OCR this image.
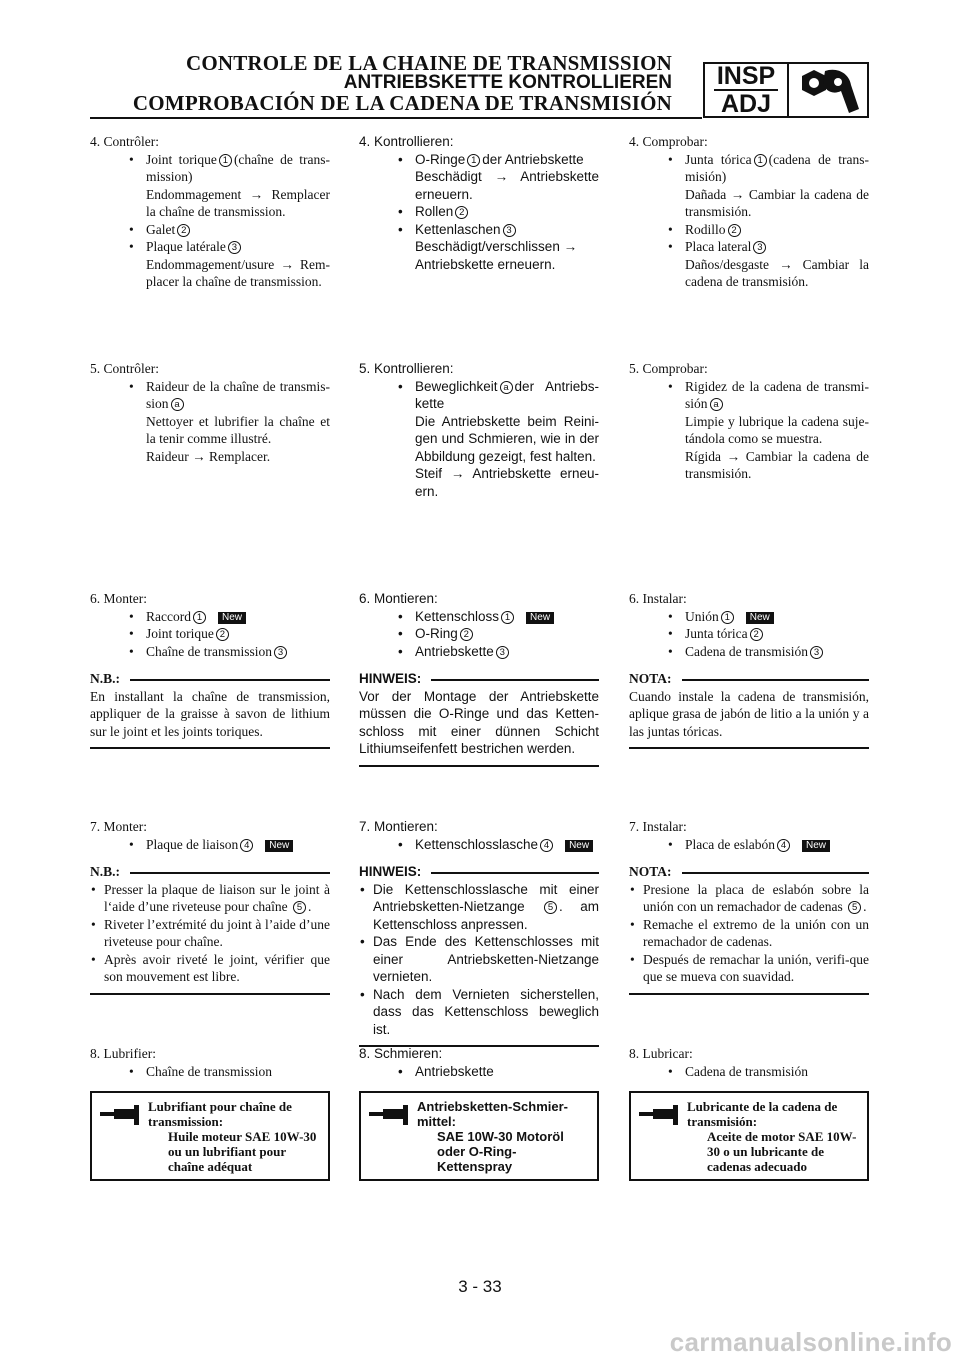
CONTROLE DE LA CHAINE DE TRANSMISSION
ANTRIEBSKETTE KONTROLLIEREN
COMPROBACIÓN DE LA CADENA DE TRANSMISIÓN
INSP
ADJ
4. Contrôler:
• Joint torique 1 (chaîne de trans-mission)
Endommagement → Remplacer la chaîne de transmission.
• Galet 2
• Plaque latérale 3
Endommagement/usure → Rem-placer la chaîne de transmission.
5. Contrôler:
• Raideur de la chaîne de transmis-sion a
Nettoyer et lubrifier la chaîne et la tenir comme illustré.
Raideur → Remplacer.
6. Monter:
• Raccord 1 New
• Joint torique 2
• Chaîne de transmission 3
N.B.:
En installant la chaîne de transmission, appliquer de la graisse à savon de lithium sur le joint et les joints toriques.
7. Monter:
• Plaque de liaison 4 New
N.B.:
• Presser la plaque de liaison sur le joint à l‘aide d’une riveteuse pour chaîne 5 .
• Riveter l’extrémité du joint à l’aide d’une riveteuse pour chaîne.
• Après avoir riveté le joint, vérifier que son mouvement est libre.
8. Lubrifier:
• Chaîne de transmission
Lubrifiant pour chaîne de transmission:
Huile moteur SAE 10W-30 ou un lubrifiant pour chaîne adéquat
4. Kontrollieren:
• O-Ringe 1 der Antriebskette
Beschädigt → Antriebskette erneuern.
• Rollen 2
• Kettenlaschen 3
Beschädigt/verschlissen → Antriebskette erneuern.
5. Kontrollieren:
• Beweglichkeit a der Antriebs-kette
Die Antriebskette beim Reini-gen und Schmieren, wie in der Abbildung gezeigt, fest halten.
Steif → Antriebskette erneu-ern.
6. Montieren:
• Kettenschloss 1 New
• O-Ring 2
• Antriebskette 3
HINWEIS:
Vor der Montage der Antriebskette müssen die O-Ringe und das Ketten-schloss mit einer dünnen Schicht Lithiumseifenfett bestrichen werden.
7. Montieren:
• Kettenschlosslasche 4 New
HINWEIS:
• Die Kettenschlosslasche mit einer Antriebsketten-Nietzange 5 . am Kettenschloss anpressen.
• Das Ende des Kettenschlosses mit einer Antriebsketten-Nietzange vernieten.
• Nach dem Vernieten sicherstellen, dass das Kettenschloss beweglich ist.
8. Schmieren:
• Antriebskette
Antriebsketten-Schmier-mittel:
SAE 10W-30 Motoröl oder O-Ring-Kettenspray
4. Comprobar:
• Junta tórica 1 (cadena de trans-misión)
Dañada → Cambiar la cadena de transmisión.
• Rodillo 2
• Placa lateral 3
Daños/desgaste → Cambiar la cadena de transmisión.
5. Comprobar:
• Rigidez de la cadena de transmi-sión a
Limpie y lubrique la cadena suje-tándola como se muestra.
Rígida → Cambiar la cadena de transmisión.
6. Instalar:
• Unión 1 New
• Junta tórica 2
• Cadena de transmisión 3
NOTA:
Cuando instale la cadena de transmisión, aplique grasa de jabón de litio a la unión y a las juntas tóricas.
7. Instalar:
• Placa de eslabón 4 New
NOTA:
• Presione la placa de eslabón sobre la unión con un remachador de cadenas 5 .
• Remache el extremo de la unión con un remachador de cadenas.
• Después de remachar la unión, verifi-que que se mueva con suavidad.
8. Lubricar:
• Cadena de transmisión
Lubricante de la cadena de transmisión:
Aceite de motor SAE 10W-30 o un lubricante de cadenas adecuado
3 - 33
carmanualsonline.info
